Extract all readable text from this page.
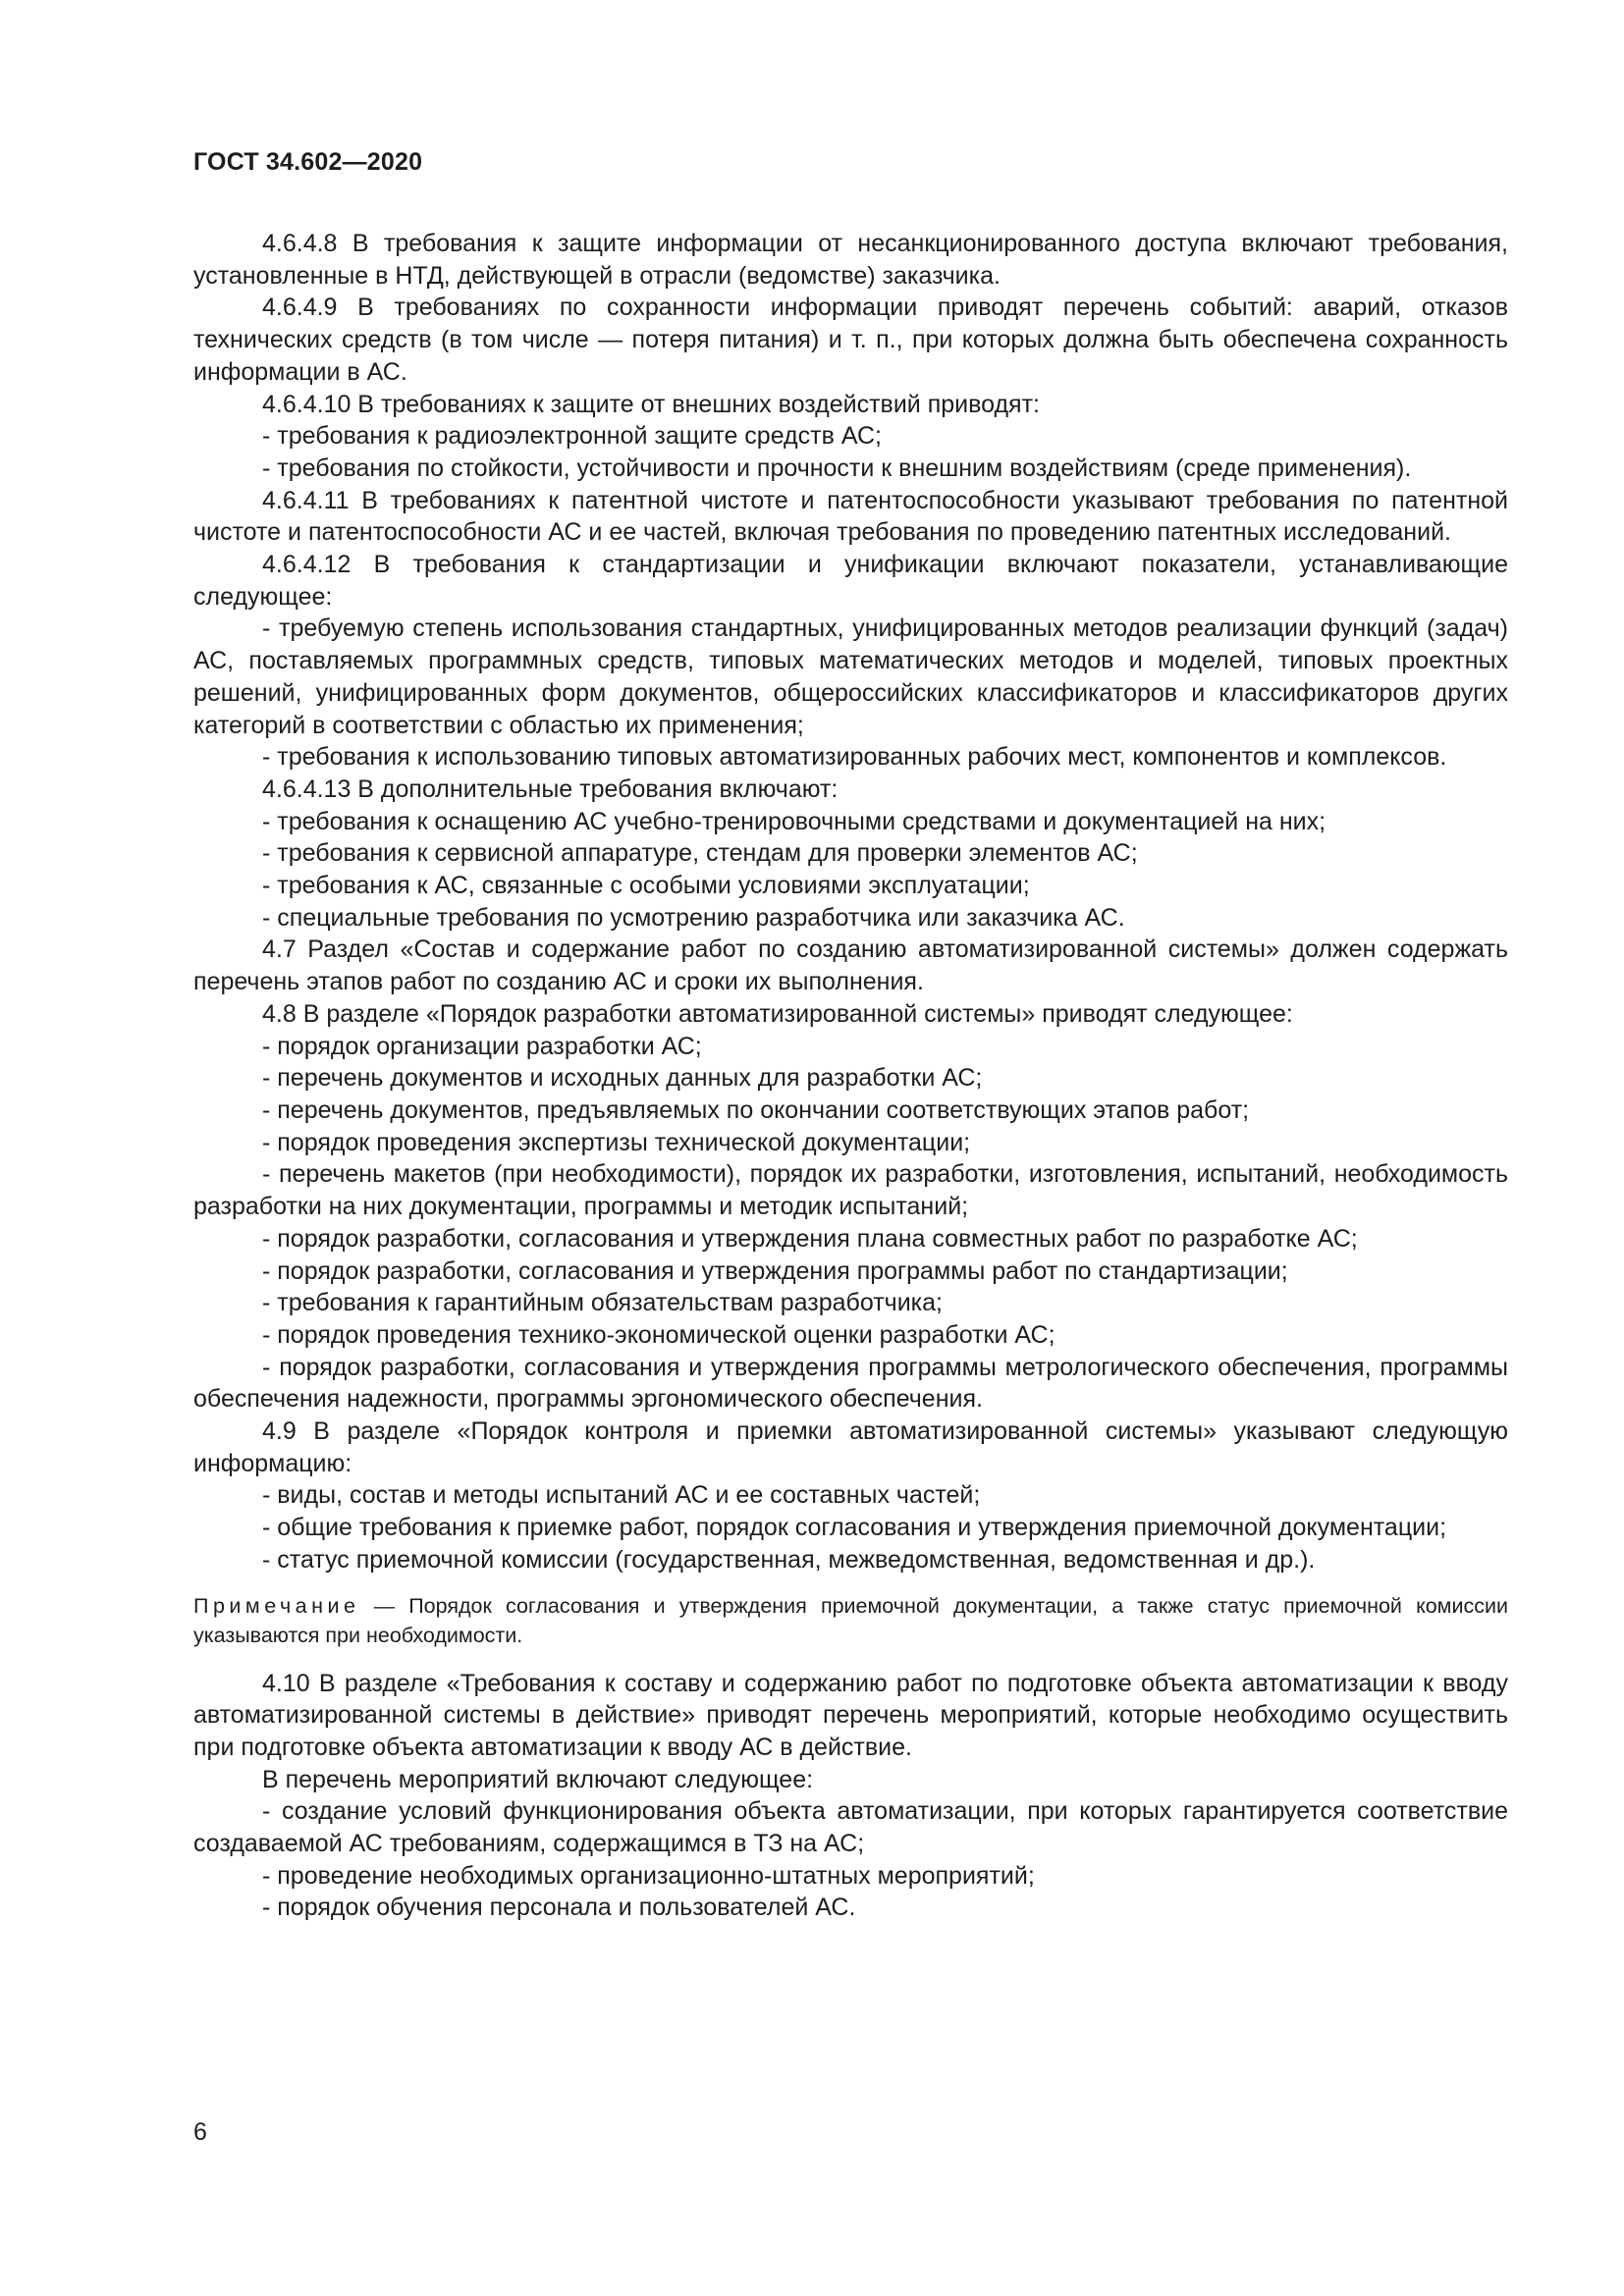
ГОСТ 34.602—2020

4.6.4.8 В требования к защите информации от несанкционированного доступа включают требования, установленные в НТД, действующей в отрасли (ведомстве) заказчика.

4.6.4.9 В требованиях по сохранности информации приводят перечень событий: аварий, отказов технических средств (в том числе — потеря питания) и т. п., при которых должна быть обеспечена сохранность информации в АС.

4.6.4.10 В требованиях к защите от внешних воздействий приводят:

- требования к радиоэлектронной защите средств АС;

- требования по стойкости, устойчивости и прочности к внешним воздействиям (среде применения).

4.6.4.11 В требованиях к патентной чистоте и патентоспособности указывают требования по патентной чистоте и патентоспособности АС и ее частей, включая требования по проведению патентных исследований.

4.6.4.12 В требования к стандартизации и унификации включают показатели, устанавливающие следующее:

- требуемую степень использования стандартных, унифицированных методов реализации функций (задач) АС, поставляемых программных средств, типовых математических методов и моделей, типовых проектных решений, унифицированных форм документов, общероссийских классификаторов и классификаторов других категорий в соответствии с областью их применения;

- требования к использованию типовых автоматизированных рабочих мест, компонентов и комплексов.

4.6.4.13 В дополнительные требования включают:

- требования к оснащению АС учебно-тренировочными средствами и документацией на них;

- требования к сервисной аппаратуре, стендам для проверки элементов АС;

- требования к АС, связанные с особыми условиями эксплуатации;

- специальные требования по усмотрению разработчика или заказчика АС.

4.7 Раздел «Состав и содержание работ по созданию автоматизированной системы» должен содержать перечень этапов работ по созданию АС и сроки их выполнения.

4.8 В разделе «Порядок разработки автоматизированной системы» приводят следующее:

- порядок организации разработки АС;

- перечень документов и исходных данных для разработки АС;

- перечень документов, предъявляемых по окончании соответствующих этапов работ;

- порядок проведения экспертизы технической документации;

- перечень макетов (при необходимости), порядок их разработки, изготовления, испытаний, необходимость разработки на них документации, программы и методик испытаний;

- порядок разработки, согласования и утверждения плана совместных работ по разработке АС;

- порядок разработки, согласования и утверждения программы работ по стандартизации;

- требования к гарантийным обязательствам разработчика;

- порядок проведения технико-экономической оценки разработки АС;

- порядок разработки, согласования и утверждения программы метрологического обеспечения, программы обеспечения надежности, программы эргономического обеспечения.

4.9 В разделе «Порядок контроля и приемки автоматизированной системы» указывают следующую информацию:

- виды, состав и методы испытаний АС и ее составных частей;

- общие требования к приемке работ, порядок согласования и утверждения приемочной документации;

- статус приемочной комиссии (государственная, межведомственная, ведомственная и др.).

Примечание — Порядок согласования и утверждения приемочной документации, а также статус приемочной комиссии указываются при необходимости.

4.10 В разделе «Требования к составу и содержанию работ по подготовке объекта автоматизации к вводу автоматизированной системы в действие» приводят перечень мероприятий, которые необходимо осуществить при подготовке объекта автоматизации к вводу АС в действие.

В перечень мероприятий включают следующее:

- создание условий функционирования объекта автоматизации, при которых гарантируется соответствие создаваемой АС требованиям, содержащимся в ТЗ на АС;

- проведение необходимых организационно-штатных мероприятий;

- порядок обучения персонала и пользователей АС.

6
